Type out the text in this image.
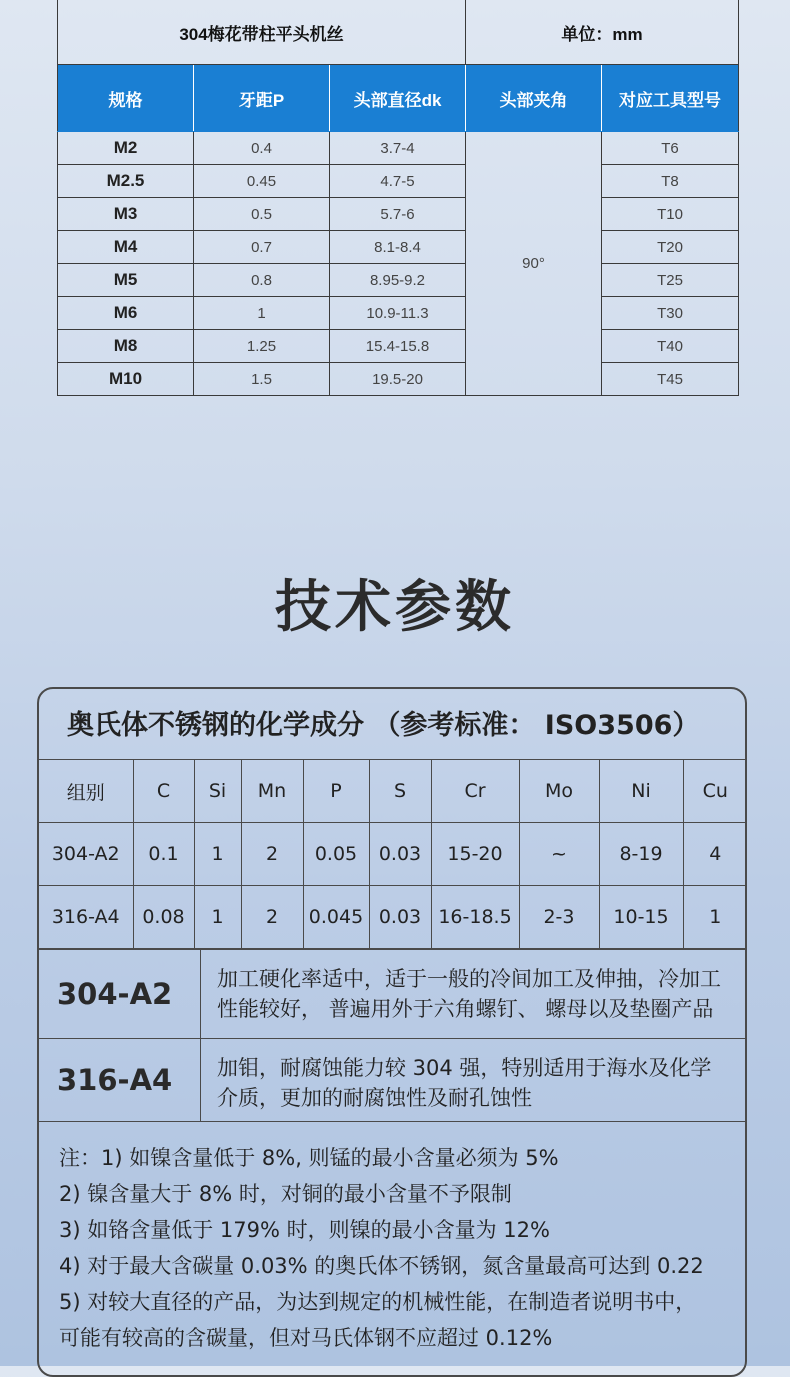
304梅花带柱平头机丝			单位：mm	
规格	牙距P	头部直径dk	头部夹角	对应工具型号
M2	0.4	3.7-4	90°	T6
M2.5	0.45	4.7-5		T8
M3	0.5	5.7-6		T10
M4	0.7	8.1-8.4		T20
M5	0.8	8.95-9.2		T25
M6	1	10.9-11.3		T30
M8	1.25	15.4-15.8		T40
M10	1.5	19.5-20		T45
技术参数
奥氏体不锈钢的化学成分 （参考标准： ISO3506）
组别	C	Si	Mn	P	S	Cr	Mo	Ni	Cu
304-A2	0.1	1	2	0.05	0.03	15-20	~	8-19	4
316-A4	0.08	1	2	0.045	0.03	16-18.5	2-3	10-15	1
304-A2	加工硬化率适中，适于一般的冷间加工及伸抽，冷加工
性能较好， 普遍用外于六角螺钉、 螺母以及垫圈产品
316-A4	加钼，耐腐蚀能力较 304 强，特别适用于海水及化学
介质，更加的耐腐蚀性及耐孔蚀性
注：1) 如镍含量低于 8%, 则锰的最小含量必须为 5%
2) 镍含量大于 8% 时，对铜的最小含量不予限制
3) 如铬含量低于 179% 时，则镍的最小含量为 12%
4) 对于最大含碳量 0.03% 的奥氏体不锈钢，氮含量最高可达到 0.22
5) 对较大直径的产品，为达到规定的机械性能，在制造者说明书中，
可能有较高的含碳量，但对马氏体钢不应超过 0.12%
